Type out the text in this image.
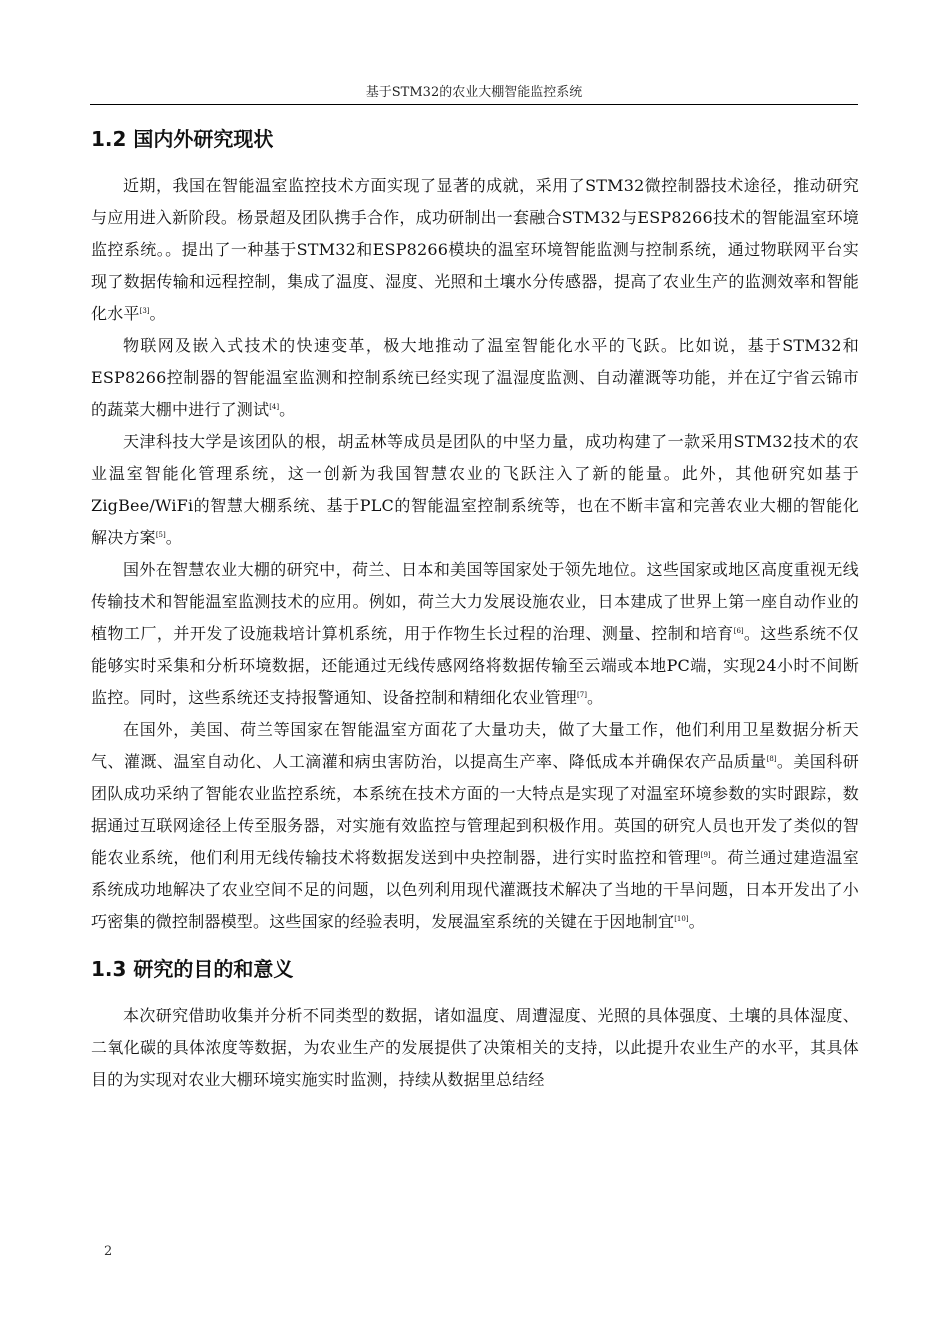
基于STM32的农业大棚智能监控系统
1.2 国内外研究现状

近期，我国在智能温室监控技术方面实现了显著的成就，采用了STM32微控制器技术途径，推动研究与应用进入新阶段。杨景超及团队携手合作，成功研制出一套融合STM32与ESP8266技术的智能温室环境监控系统。。提出了一种基于STM32和ESP8266模块的温室环境智能监测与控制系统，通过物联网平台实现了数据传输和远程控制，集成了温度、湿度、光照和土壤水分传感器，提高了农业生产的监测效率和智能化水平[3]。

物联网及嵌入式技术的快速变革，极大地推动了温室智能化水平的飞跃。比如说，基于STM32和ESP8266控制器的智能温室监测和控制系统已经实现了温湿度监测、自动灌溉等功能，并在辽宁省云锦市的蔬菜大棚中进行了测试[4]。

天津科技大学是该团队的根，胡孟林等成员是团队的中坚力量，成功构建了一款采用STM32技术的农业温室智能化管理系统，这一创新为我国智慧农业的飞跃注入了新的能量。此外，其他研究如基于ZigBee/WiFi的智慧大棚系统、基于PLC的智能温室控制系统等，也在不断丰富和完善农业大棚的智能化解决方案[5]。

国外在智慧农业大棚的研究中，荷兰、日本和美国等国家处于领先地位。这些国家或地区高度重视无线传输技术和智能温室监测技术的应用。例如，荷兰大力发展设施农业，日本建成了世界上第一座自动作业的植物工厂，并开发了设施栽培计算机系统，用于作物生长过程的治理、测量、控制和培育[6]。这些系统不仅能够实时采集和分析环境数据，还能通过无线传感网络将数据传输至云端或本地PC端，实现24小时不间断监控。同时，这些系统还支持报警通知、设备控制和精细化农业管理[7]。

在国外，美国、荷兰等国家在智能温室方面花了大量功夫，做了大量工作，他们利用卫星数据分析天气、灌溉、温室自动化、人工滴灌和病虫害防治，以提高生产率、降低成本并确保农产品质量[8]。美国科研团队成功采纳了智能农业监控系统，本系统在技术方面的一大特点是实现了对温室环境参数的实时跟踪，数据通过互联网途径上传至服务器，对实施有效监控与管理起到积极作用。英国的研究人员也开发了类似的智能农业系统，他们利用无线传输技术将数据发送到中央控制器，进行实时监控和管理[9]。荷兰通过建造温室系统成功地解决了农业空间不足的问题，以色列利用现代灌溉技术解决了当地的干旱问题，日本开发出了小巧密集的微控制器模型。这些国家的经验表明，发展温室系统的关键在于因地制宜[10]。

1.3 研究的目的和意义

本次研究借助收集并分析不同类型的数据，诸如温度、周遭湿度、光照的具体强度、土壤的具体湿度、二氧化碳的具体浓度等数据，为农业生产的发展提供了决策相关的支持，以此提升农业生产的水平，其具体目的为实现对农业大棚环境实施实时监测，持续从数据里总结经

2
